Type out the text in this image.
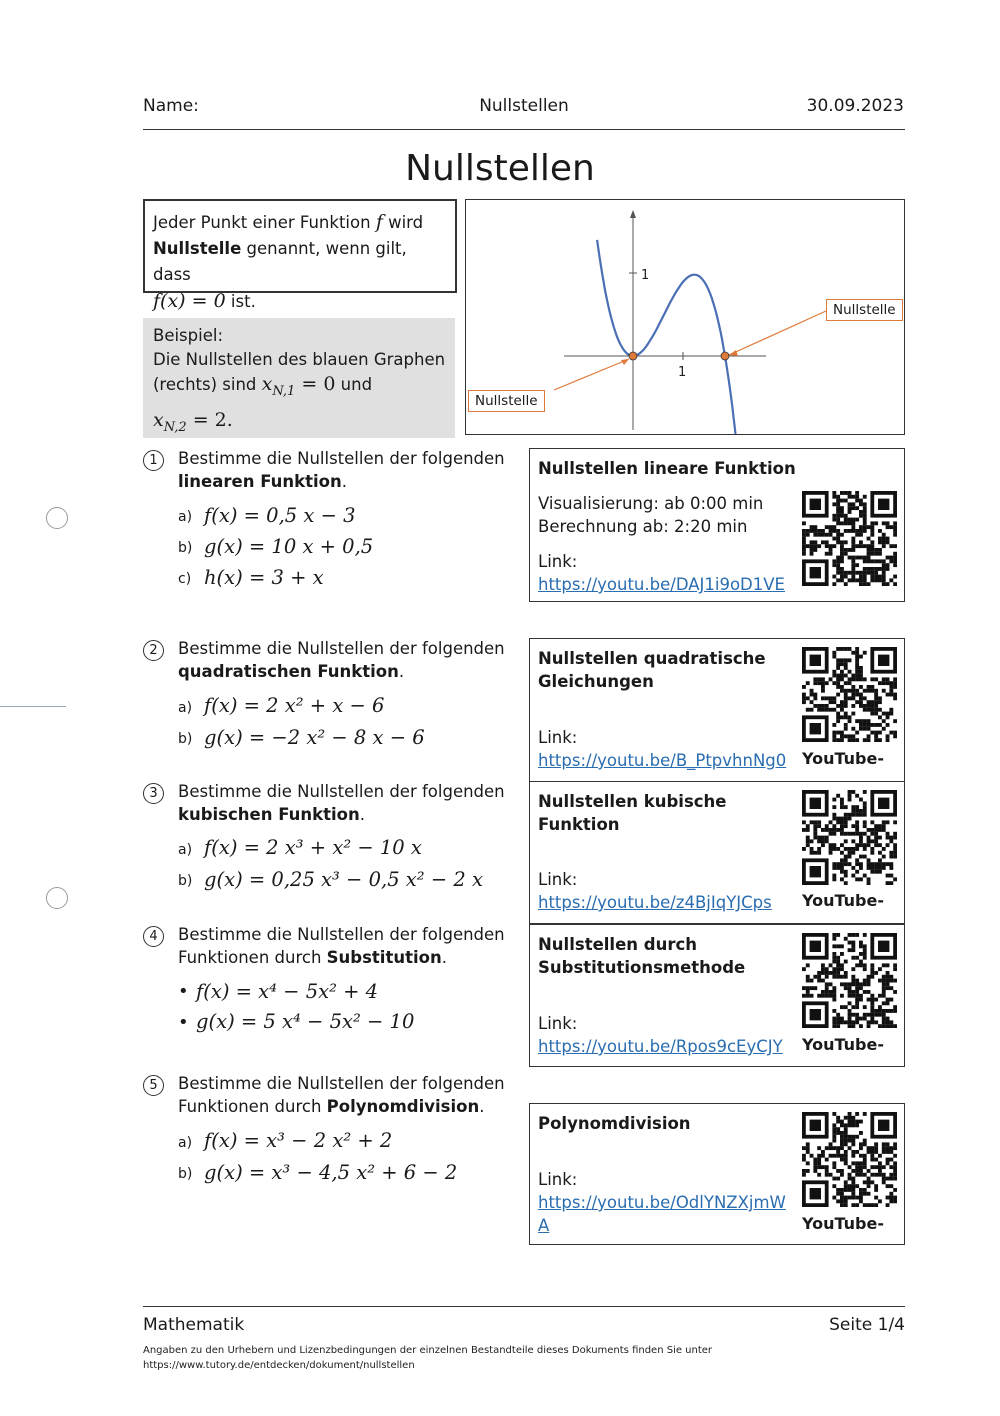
Name:	Nullstellen	30.09.2023
Nullstellen
Jeder Punkt einer Funktion f wird
Nullstelle genannt, wenn gilt, dass
f(x) = 0 ist.
Beispiel:
Die Nullstellen des blauen Graphen
(rechts) sind $x_{N,1} = 0$ und
$x_{N,2} = 2$.
1
1
Nullstelle
Nullstelle
1	Bestimme die Nullstellen der folgenden
linearen Funktion.
a) f(x) = 0,5 x − 3
b) g(x) = 10 x + 0,5
c) h(x) = 3 + x
2	Bestimme die Nullstellen der folgenden
quadratischen Funktion.
a) f(x) = 2 x² + x − 6
b) g(x) = −2 x² − 8 x − 6
3	Bestimme die Nullstellen der folgenden
kubischen Funktion.
a) f(x) = 2 x³ + x² − 10 x
b) g(x) = 0,25 x³ − 0,5 x² − 2 x
4	Bestimme die Nullstellen der folgenden
Funktionen durch Substitution.
• f(x) = x⁴ − 5x² + 4
• g(x) = 5 x⁴ − 5x² − 10
5	Bestimme die Nullstellen der folgenden
Funktionen durch Polynomdivision.
a) f(x) = x³ − 2 x² + 2
b) g(x) = x³ − 4,5 x² + 6 − 2
Nullstellen lineare Funktion
Visualisierung: ab 0:00 min
Berechnung ab: 2:20 min
Link:
https://youtu.be/DAJ1i9oD1VE
Nullstellen quadratische
Gleichungen
Link:
https://youtu.be/B_PtpvhnNg0 YouTube-
Nullstellen kubische
Funktion
Link:
https://youtu.be/z4BjIqYJCps YouTube-
Nullstellen durch
Substitutionsmethode
Link:
https://youtu.be/Rpos9cEyCJY YouTube-
Polynomdivision
Link:
https://youtu.be/OdlYNZXjmW
A	YouTube-
Mathematik	Seite 1/4
Angaben zu den Urhebern und Lizenzbedingungen der einzelnen Bestandteile dieses Dokuments finden Sie unter
https://www.tutory.de/entdecken/dokument/nullstellen
